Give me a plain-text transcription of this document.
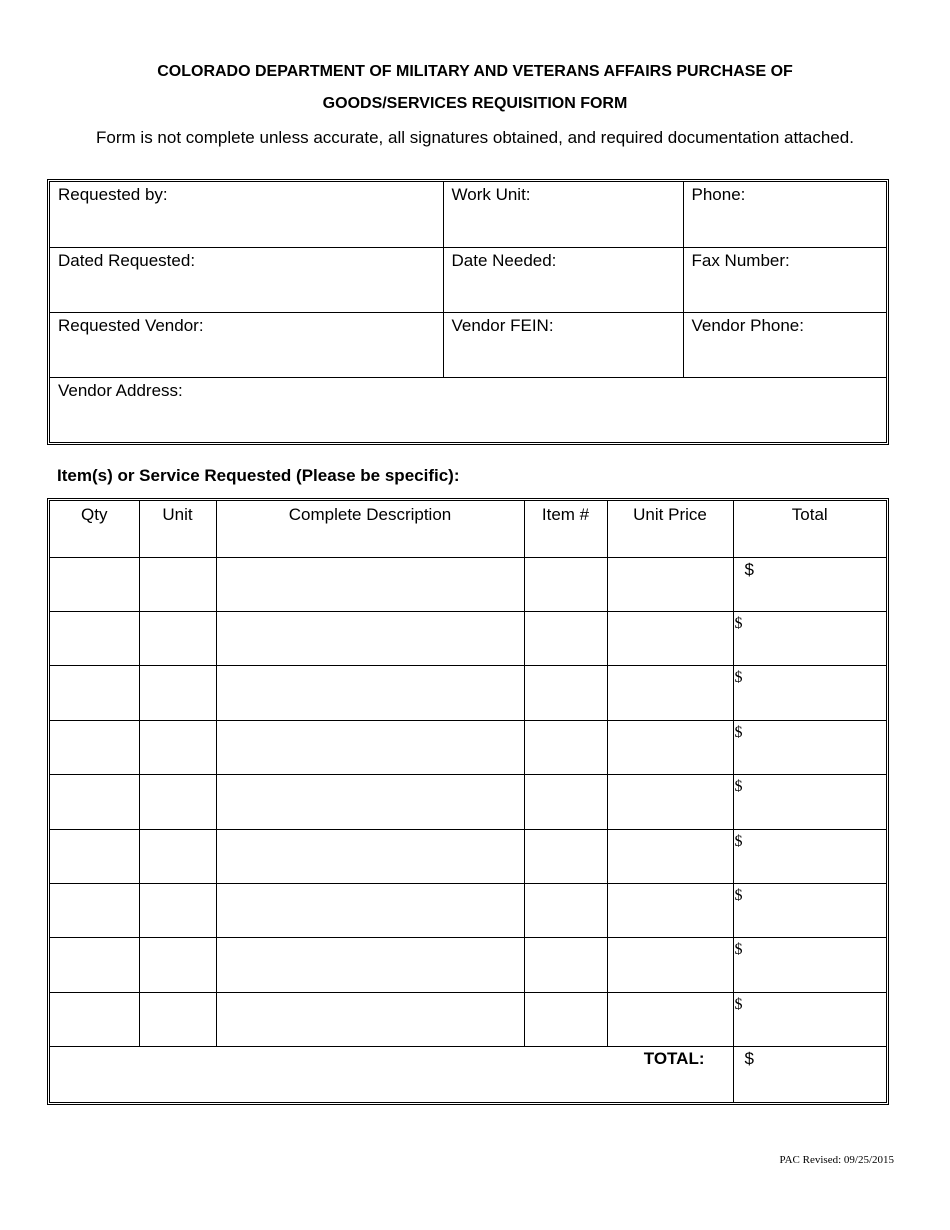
COLORADO DEPARTMENT OF MILITARY AND VETERANS AFFAIRS PURCHASE OF
GOODS/SERVICES REQUISITION FORM
Form is not complete unless accurate, all signatures obtained, and required documentation attached.
Requested by:	Work Unit:	Phone:
Dated Requested:	Date Needed:	Fax Number:
Requested Vendor:	Vendor FEIN:	Vendor Phone:
Vendor Address:		
Item(s) or Service Requested (Please be specific):
Qty	Unit	Complete Description	Item #	Unit Price	Total

					$

					$

					$

					$

					$

					$

					$

					$

					$

TOTAL:					$
PAC Revised: 09/25/2015
